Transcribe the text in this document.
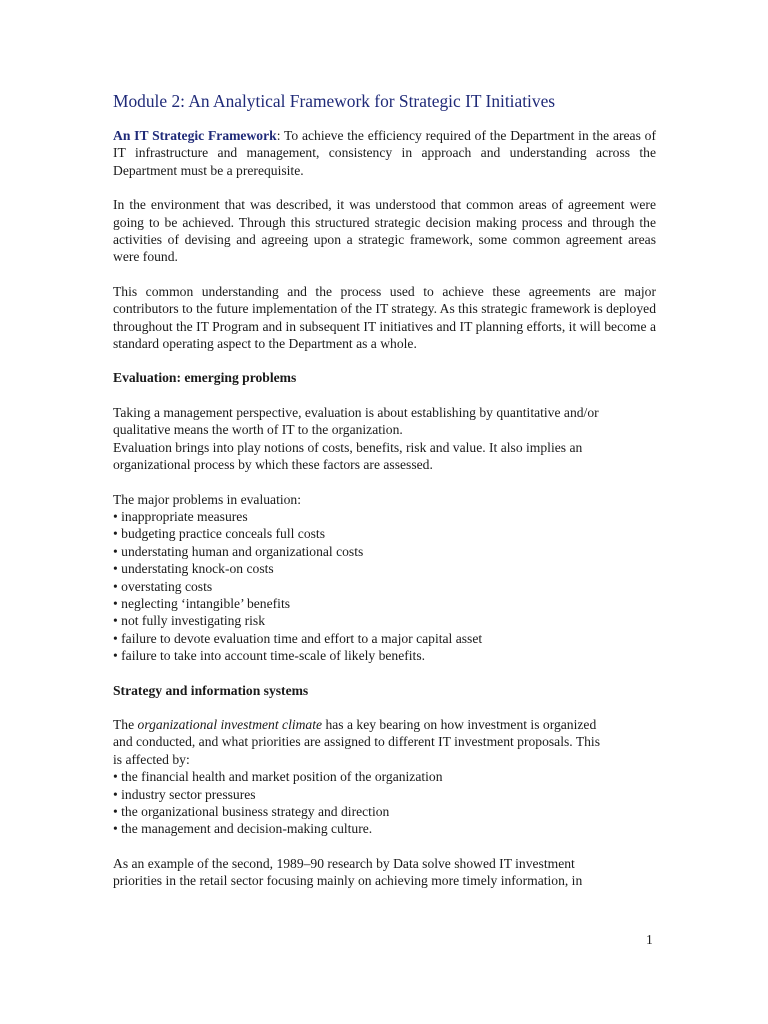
Module 2: An Analytical Framework for Strategic IT Initiatives

An IT Strategic Framework: To achieve the efficiency required of the Department in the areas of IT infrastructure and management, consistency in approach and understanding across the Department must be a prerequisite.

In the environment that was described, it was understood that common areas of agreement were going to be achieved. Through this structured strategic decision making process and through the activities of devising and agreeing upon a strategic framework, some common agreement areas were found.

This common understanding and the process used to achieve these agreements are major contributors to the future implementation of the IT strategy. As this strategic framework is deployed throughout the IT Program and in subsequent IT initiatives and IT planning efforts, it will become a standard operating aspect to the Department as a whole.

Evaluation: emerging problems

Taking a management perspective, evaluation is about establishing by quantitative and/or
qualitative means the worth of IT to the organization.
Evaluation brings into play notions of costs, benefits, risk and value. It also implies an
organizational process by which these factors are assessed.

The major problems in evaluation:
• inappropriate measures
• budgeting practice conceals full costs
• understating human and organizational costs
• understating knock-on costs
• overstating costs
• neglecting ‘intangible’ benefits
• not fully investigating risk
• failure to devote evaluation time and effort to a major capital asset
• failure to take into account time-scale of likely benefits.

Strategy and information systems

The organizational investment climate has a key bearing on how investment is organized
and conducted, and what priorities are assigned to different IT investment proposals. This
is affected by:
• the financial health and market position of the organization
• industry sector pressures
• the organizational business strategy and direction
• the management and decision-making culture.

As an example of the second, 1989–90 research by Data solve showed IT investment
priorities in the retail sector focusing mainly on achieving more timely information, in

1
